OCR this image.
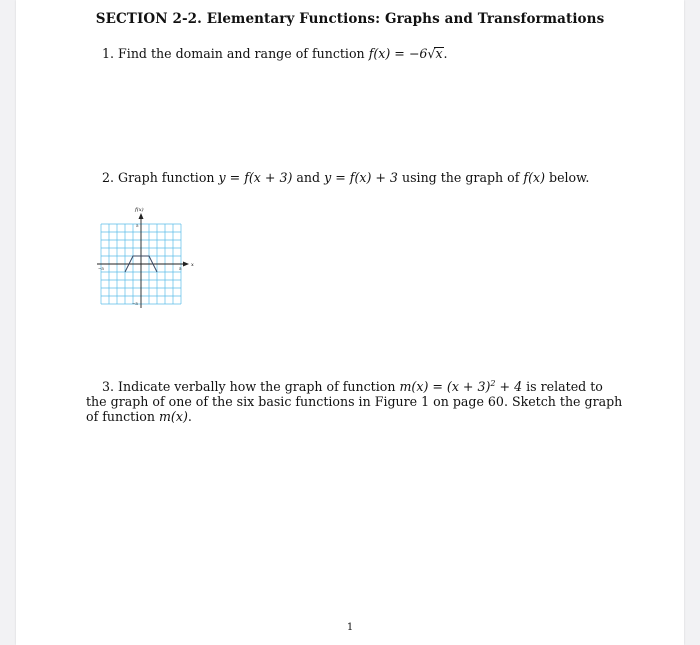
SECTION 2-2. Elementary Functions: Graphs and Transformations
1. Find the domain and range of function f(x) = −6√x.
2. Graph function y = f(x + 3) and y = f(x) + 3 using the graph of f(x) below.
f(x)
x
−5	5
5
−5
3. Indicate verbally how the graph of function $m(x) = (x + 3)^2 + 4$ is related to the graph of one of the six basic functions in Figure 1 on page 60. Sketch the graph of function m(x).
1
